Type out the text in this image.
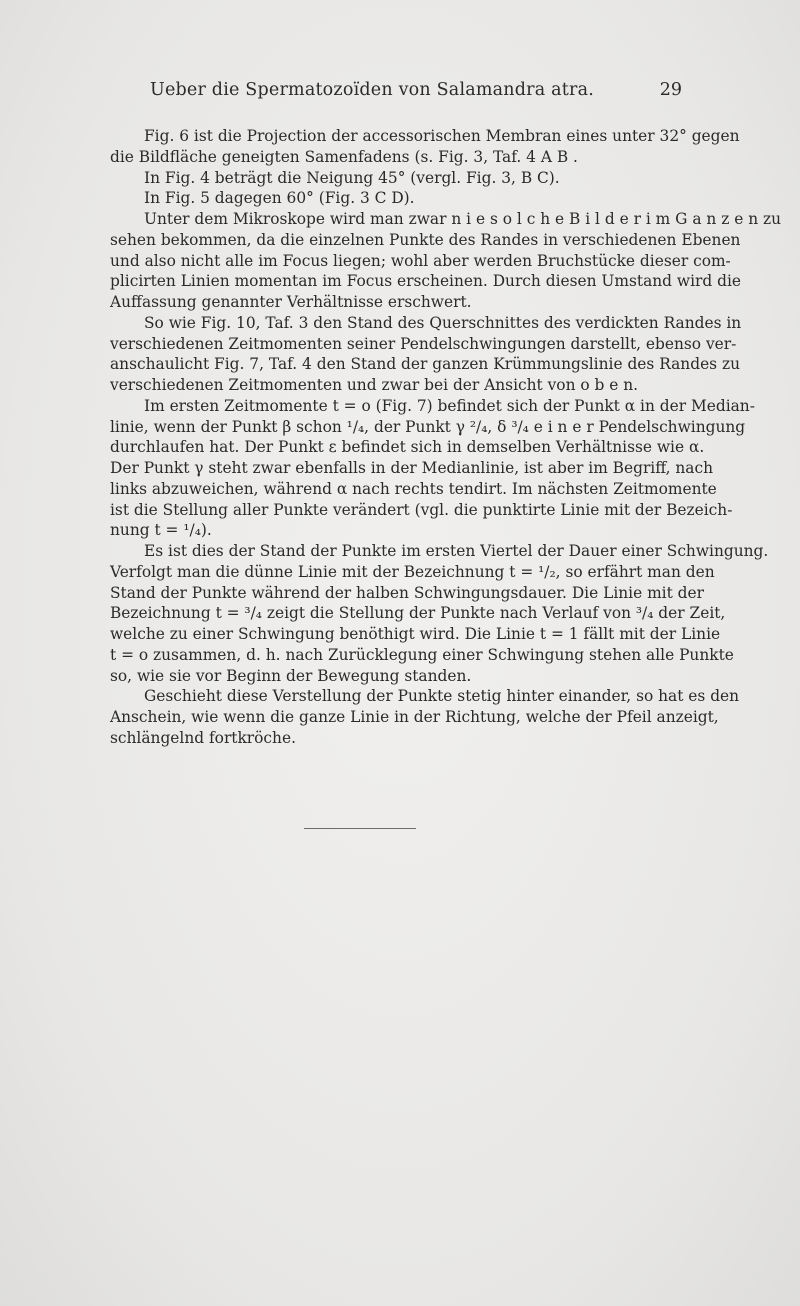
Ueber die Spermatozoïden von Salamandra atra.	29
Fig. 6 ist die Projection der accessorischen Membran eines unter 32° gegen
die Bildfläche geneigten Samenfadens (s. Fig. 3, Taf. 4 A B .
In Fig. 4 beträgt die Neigung 45° (vergl. Fig. 3, B C).
In Fig. 5 dagegen 60° (Fig. 3 C D).
Unter dem Mikroskope wird man zwar n i e s o l c h e B i l d e r i m G a n z e n zu
sehen bekommen, da die einzelnen Punkte des Randes in verschiedenen Ebenen
und also nicht alle im Focus liegen; wohl aber werden Bruchstücke dieser com-
plicirten Linien momentan im Focus erscheinen. Durch diesen Umstand wird die
Auffassung genannter Verhältnisse erschwert.
So wie Fig. 10, Taf. 3 den Stand des Querschnittes des verdickten Randes in
verschiedenen Zeitmomenten seiner Pendelschwingungen darstellt, ebenso ver-
anschaulicht Fig. 7, Taf. 4 den Stand der ganzen Krümmungslinie des Randes zu
verschiedenen Zeitmomenten und zwar bei der Ansicht von o b e n.
Im ersten Zeitmomente t = o (Fig. 7) befindet sich der Punkt α in der Median-
linie, wenn der Punkt β schon ¹/₄, der Punkt γ ²/₄, δ ³/₄ e i n e r Pendelschwingung
durchlaufen hat. Der Punkt ε befindet sich in demselben Verhältnisse wie α.
Der Punkt γ steht zwar ebenfalls in der Medianlinie, ist aber im Begriff, nach
links abzuweichen, während α nach rechts tendirt. Im nächsten Zeitmomente
ist die Stellung aller Punkte verändert (vgl. die punktirte Linie mit der Bezeich-
nung t = ¹/₄).
Es ist dies der Stand der Punkte im ersten Viertel der Dauer einer Schwingung.
Verfolgt man die dünne Linie mit der Bezeichnung t = ¹/₂, so erfährt man den
Stand der Punkte während der halben Schwingungsdauer. Die Linie mit der
Bezeichnung t = ³/₄ zeigt die Stellung der Punkte nach Verlauf von ³/₄ der Zeit,
welche zu einer Schwingung benöthigt wird. Die Linie t = 1 fällt mit der Linie
t = o zusammen, d. h. nach Zurücklegung einer Schwingung stehen alle Punkte
so, wie sie vor Beginn der Bewegung standen.
Geschieht diese Verstellung der Punkte stetig hinter einander, so hat es den
Anschein, wie wenn die ganze Linie in der Richtung, welche der Pfeil anzeigt,
schlängelnd fortkröche.
